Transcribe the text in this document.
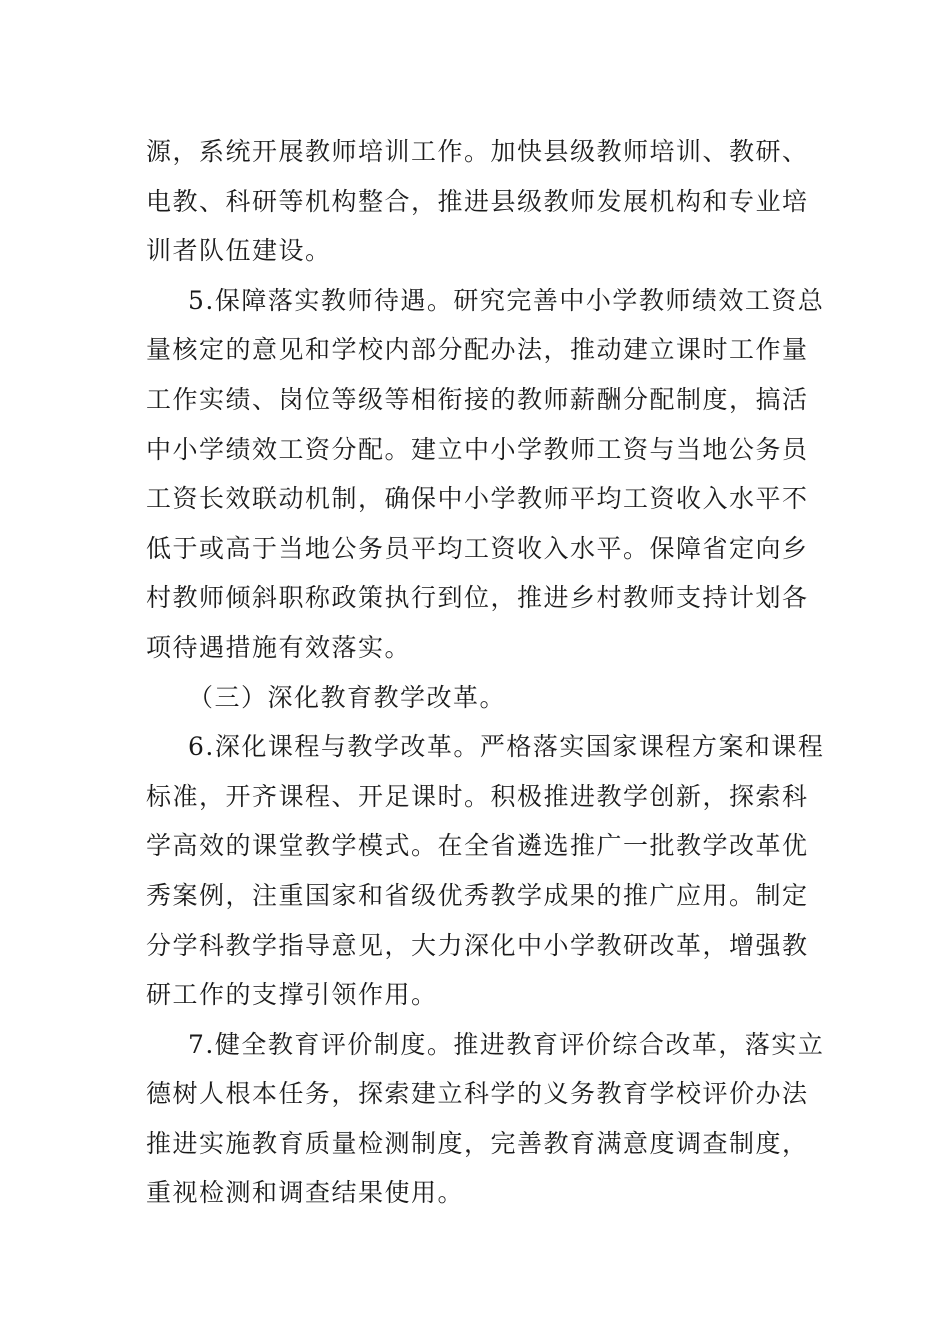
源，系统开展教师培训工作。加快县级教师培训、教研、
电教、科研等机构整合，推进县级教师发展机构和专业培
训者队伍建设。
5.保障落实教师待遇。研究完善中小学教师绩效工资总
量核定的意见和学校内部分配办法，推动建立课时工作量
工作实绩、岗位等级等相衔接的教师薪酬分配制度，搞活
中小学绩效工资分配。建立中小学教师工资与当地公务员
工资长效联动机制，确保中小学教师平均工资收入水平不
低于或高于当地公务员平均工资收入水平。保障省定向乡
村教师倾斜职称政策执行到位，推进乡村教师支持计划各
项待遇措施有效落实。
（三）深化教育教学改革。
6.深化课程与教学改革。严格落实国家课程方案和课程
标准，开齐课程、开足课时。积极推进教学创新，探索科
学高效的课堂教学模式。在全省遴选推广一批教学改革优
秀案例，注重国家和省级优秀教学成果的推广应用。制定
分学科教学指导意见，大力深化中小学教研改革，增强教
研工作的支撑引领作用。
7.健全教育评价制度。推进教育评价综合改革，落实立
德树人根本任务，探索建立科学的义务教育学校评价办法
推进实施教育质量检测制度，完善教育满意度调查制度，
重视检测和调查结果使用。
